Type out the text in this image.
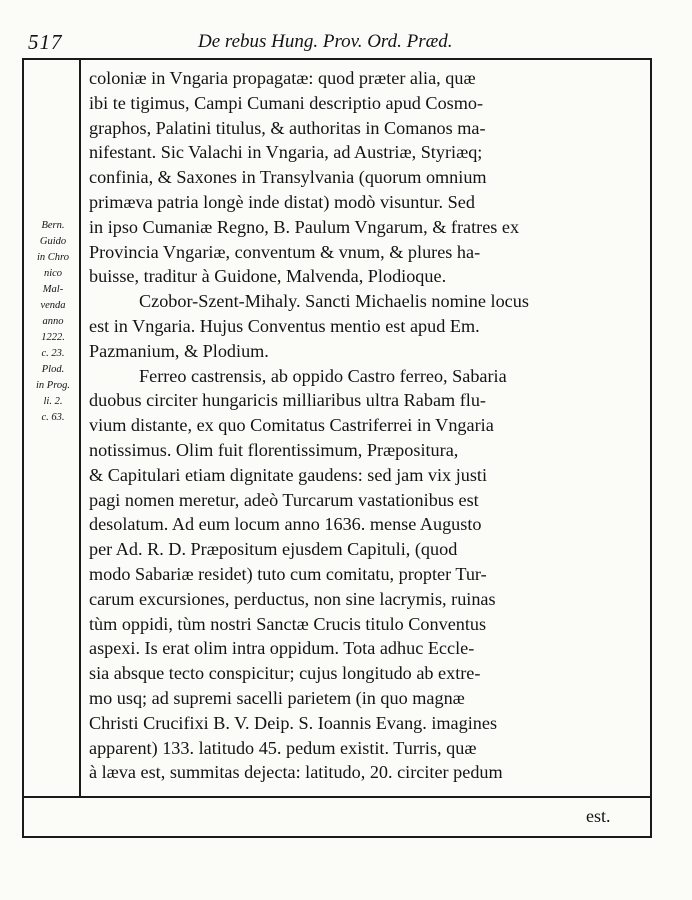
517	De rebus Hung. Prov. Ord. Præd.
Bern.
Guido
in Chro
nico
Mal-
venda
anno
1222.
c. 23.
Plod.
in Prog.
li. 2.
c. 63.
coloniæ in Vngaria propagatæ: quod præter alia, quæ
ibi te tigimus, Campi Cumani descriptio apud Cosmo-
graphos, Palatini titulus, & authoritas in Comanos ma-
nifestant. Sic Valachi in Vngaria, ad Austriæ, Styriæq;
confinia, & Saxones in Transylvania (quorum omnium
primæva patria longè inde distat) modò visuntur. Sed
in ipso Cumaniæ Regno, B. Paulum Vngarum, & fratres ex
Provincia Vngariæ, conventum & vnum, & plures ha-
buisse, traditur à Guidone, Malvenda, Plodioque.
Czobor-Szent-Mihaly. Sancti Michaelis nomine locus
est in Vngaria. Hujus Conventus mentio est apud Em.
Pazmanium, & Plodium.
Ferreo castrensis, ab oppido Castro ferreo, Sabaria
duobus circiter hungaricis milliaribus ultra Rabam flu-
vium distante, ex quo Comitatus Castriferrei in Vngaria
notissimus. Olim fuit florentissimum, Præpositura,
& Capitulari etiam dignitate gaudens: sed jam vix justi
pagi nomen meretur, adeò Turcarum vastationibus est
desolatum. Ad eum locum anno 1636. mense Augusto
per Ad. R. D. Præpositum ejusdem Capituli, (quod
modo Sabariæ residet) tuto cum comitatu, propter Tur-
carum excursiones, perductus, non sine lacrymis, ruinas
tùm oppidi, tùm nostri Sanctæ Crucis titulo Conventus
aspexi. Is erat olim intra oppidum. Tota adhuc Eccle-
sia absque tecto conspicitur; cujus longitudo ab extre-
mo usq; ad supremi sacelli parietem (in quo magnæ
Christi Crucifixi B. V. Deip. S. Ioannis Evang. imagines
apparent) 133. latitudo 45. pedum existit. Turris, quæ
à læva est, summitas dejecta: latitudo, 20. circiter pedum
est.
